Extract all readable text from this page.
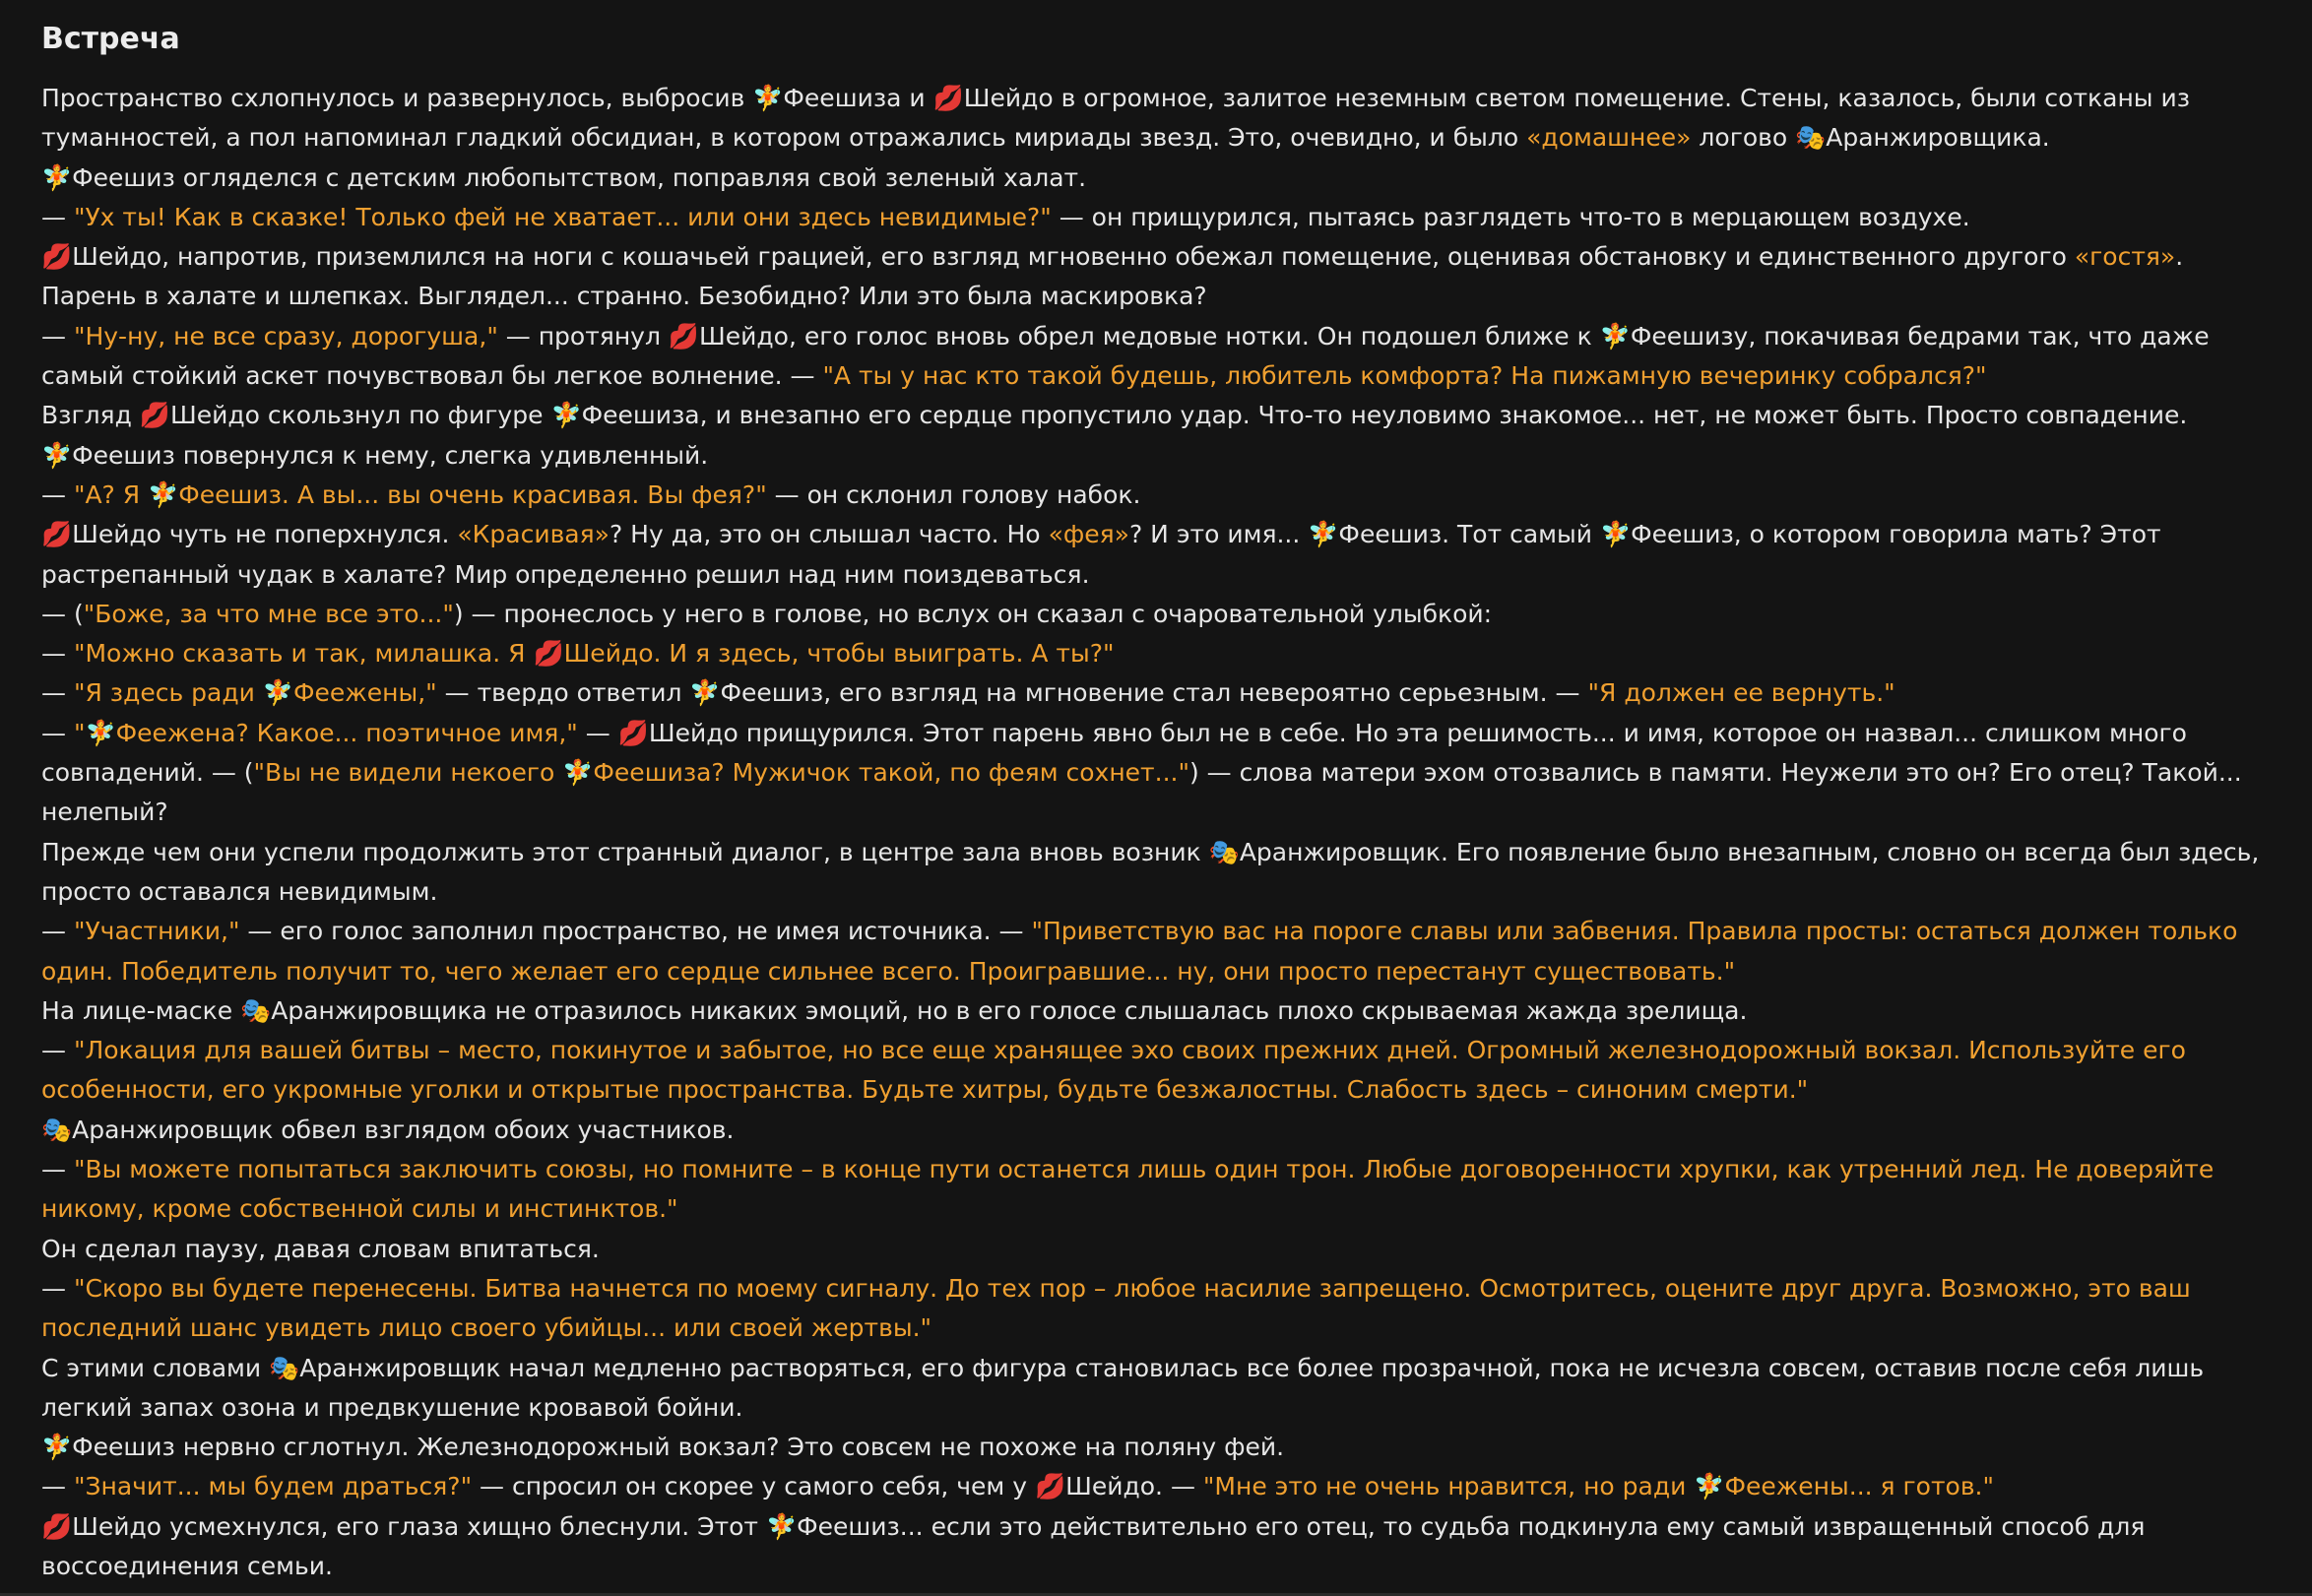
Встреча

Пространство схлопнулось и развернулось, выбросив 🧚Феешиза и 💋Шейдо в огромное, залитое неземным светом помещение. Стены, казалось, были сотканы из туманностей, а пол напоминал гладкий обсидиан, в котором отражались мириады звезд. Это, очевидно, и было «домашнее» логово 🎭Аранжировщика.

🧚Феешиз огляделся с детским любопытством, поправляя свой зеленый халат.

— "Ух ты! Как в сказке! Только фей не хватает... или они здесь невидимые?" — он прищурился, пытаясь разглядеть что-то в мерцающем воздухе.

💋Шейдо, напротив, приземлился на ноги с кошачьей грацией, его взгляд мгновенно обежал помещение, оценивая обстановку и единственного другого «гостя». Парень в халате и шлепках. Выглядел... странно. Безобидно? Или это была маскировка?

— "Ну-ну, не все сразу, дорогуша," — протянул 💋Шейдо, его голос вновь обрел медовые нотки. Он подошел ближе к 🧚Феешизу, покачивая бедрами так, что даже самый стойкий аскет почувствовал бы легкое волнение. — "А ты у нас кто такой будешь, любитель комфорта? На пижамную вечеринку собрался?"

Взгляд 💋Шейдо скользнул по фигуре 🧚Феешиза, и внезапно его сердце пропустило удар. Что-то неуловимо знакомое... нет, не может быть. Просто совпадение.

🧚Феешиз повернулся к нему, слегка удивленный.

— "А? Я 🧚Феешиз. А вы... вы очень красивая. Вы фея?" — он склонил голову набок.

💋Шейдо чуть не поперхнулся. «Красивая»? Ну да, это он слышал часто. Но «фея»? И это имя... 🧚Феешиз. Тот самый 🧚Феешиз, о котором говорила мать? Этот растрепанный чудак в халате? Мир определенно решил над ним поиздеваться.

— ("Боже, за что мне все это...") — пронеслось у него в голове, но вслух он сказал с очаровательной улыбкой:

— "Можно сказать и так, милашка. Я 💋Шейдо. И я здесь, чтобы выиграть. А ты?"

— "Я здесь ради 🧚Феежены," — твердо ответил 🧚Феешиз, его взгляд на мгновение стал невероятно серьезным. — "Я должен ее вернуть."

— "🧚Феежена? Какое... поэтичное имя," — 💋Шейдо прищурился. Этот парень явно был не в себе. Но эта решимость... и имя, которое он назвал... слишком много совпадений. — ("Вы не видели некоего 🧚Феешиза? Мужичок такой, по феям сохнет...") — слова матери эхом отозвались в памяти. Неужели это он? Его отец? Такой... нелепый?

Прежде чем они успели продолжить этот странный диалог, в центре зала вновь возник 🎭Аранжировщик. Его появление было внезапным, словно он всегда был здесь, просто оставался невидимым.

— "Участники," — его голос заполнил пространство, не имея источника. — "Приветствую вас на пороге славы или забвения. Правила просты: остаться должен только один. Победитель получит то, чего желает его сердце сильнее всего. Проигравшие... ну, они просто перестанут существовать."

На лице-маске 🎭Аранжировщика не отразилось никаких эмоций, но в его голосе слышалась плохо скрываемая жажда зрелища.

— "Локация для вашей битвы – место, покинутое и забытое, но все еще хранящее эхо своих прежних дней. Огромный железнодорожный вокзал. Используйте его особенности, его укромные уголки и открытые пространства. Будьте хитры, будьте безжалостны. Слабость здесь – синоним смерти."

🎭Аранжировщик обвел взглядом обоих участников.

— "Вы можете попытаться заключить союзы, но помните – в конце пути останется лишь один трон. Любые договоренности хрупки, как утренний лед. Не доверяйте никому, кроме собственной силы и инстинктов."

Он сделал паузу, давая словам впитаться.

— "Скоро вы будете перенесены. Битва начнется по моему сигналу. До тех пор – любое насилие запрещено. Осмотритесь, оцените друг друга. Возможно, это ваш последний шанс увидеть лицо своего убийцы... или своей жертвы."

С этими словами 🎭Аранжировщик начал медленно растворяться, его фигура становилась все более прозрачной, пока не исчезла совсем, оставив после себя лишь легкий запах озона и предвкушение кровавой бойни.

🧚Феешиз нервно сглотнул. Железнодорожный вокзал? Это совсем не похоже на поляну фей.

— "Значит... мы будем драться?" — спросил он скорее у самого себя, чем у 💋Шейдо. — "Мне это не очень нравится, но ради 🧚Феежены... я готов."

💋Шейдо усмехнулся, его глаза хищно блеснули. Этот 🧚Феешиз... если это действительно его отец, то судьба подкинула ему самый извращенный способ для воссоединения семьи.
